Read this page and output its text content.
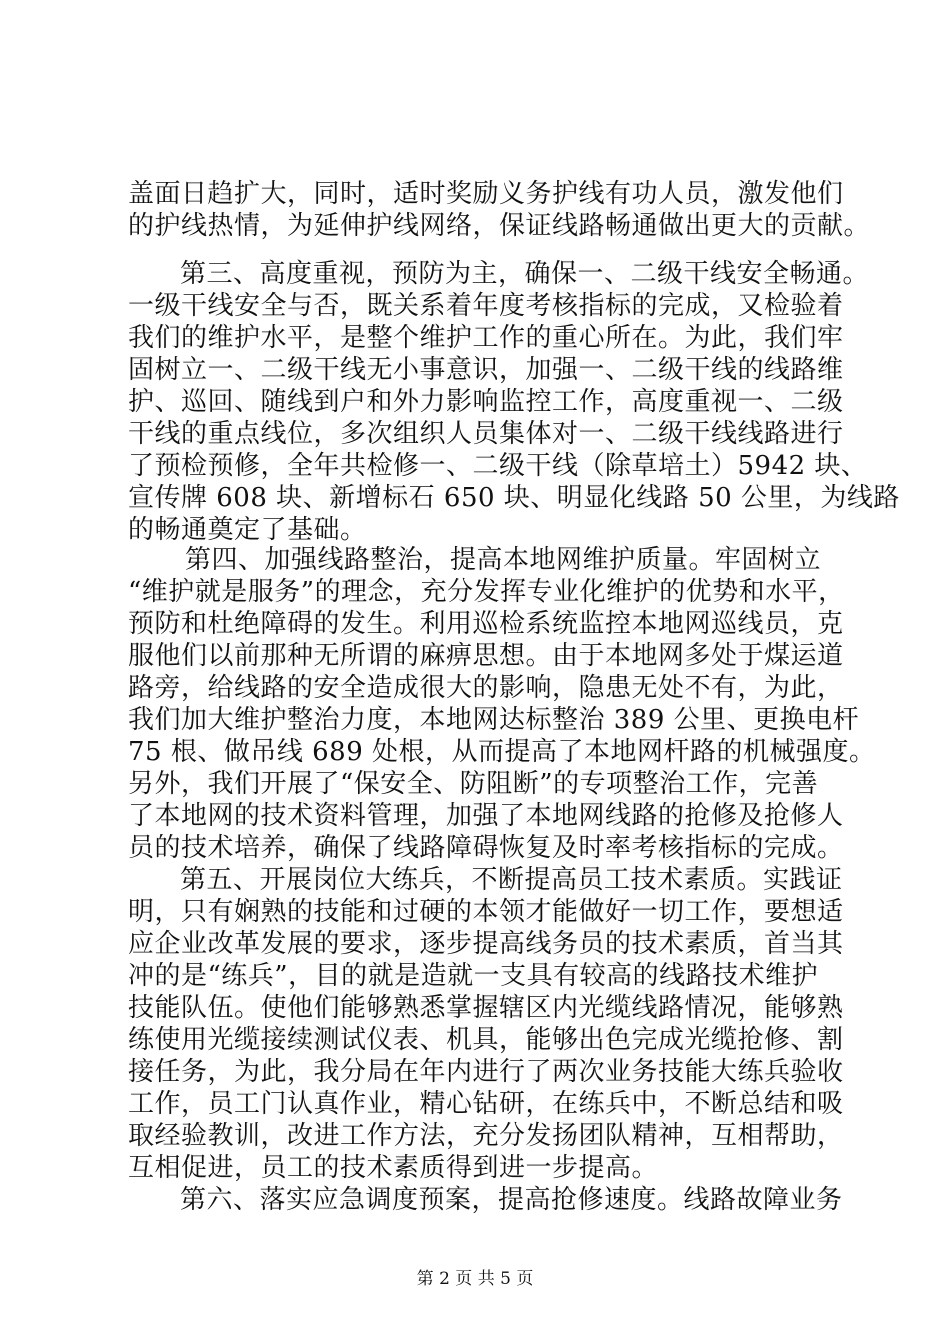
盖面日趋扩大，同时，适时奖励义务护线有功人员，激发他们
的护线热情，为延伸护线网络，保证线路畅通做出更大的贡献。
第三、高度重视，预防为主，确保一、二级干线安全畅通。
一级干线安全与否，既关系着年度考核指标的完成，又检验着
我们的维护水平，是整个维护工作的重心所在。为此，我们牢
固树立一、二级干线无小事意识，加强一、二级干线的线路维
护、巡回、随线到户和外力影响监控工作，高度重视一、二级
干线的重点线位，多次组织人员集体对一、二级干线线路进行
了预检预修，全年共检修一、二级干线（除草培土）5942 块、
宣传牌 608 块、新增标石 650 块、明显化线路 50 公里，为线路
的畅通奠定了基础。
第四、加强线路整治，提高本地网维护质量。牢固树立
“维护就是服务”的理念，充分发挥专业化维护的优势和水平，
预防和杜绝障碍的发生。利用巡检系统监控本地网巡线员，克
服他们以前那种无所谓的麻痹思想。由于本地网多处于煤运道
路旁，给线路的安全造成很大的影响，隐患无处不有，为此，
我们加大维护整治力度，本地网达标整治 389 公里、更换电杆
75 根、做吊线 689 处根，从而提高了本地网杆路的机械强度。
另外，我们开展了“保安全、防阻断”的专项整治工作，完善
了本地网的技术资料管理，加强了本地网线路的抢修及抢修人
员的技术培养，确保了线路障碍恢复及时率考核指标的完成。
第五、开展岗位大练兵，不断提高员工技术素质。实践证
明，只有娴熟的技能和过硬的本领才能做好一切工作，要想适
应企业改革发展的要求，逐步提高线务员的技术素质，首当其
冲的是“练兵”，目的就是造就一支具有较高的线路技术维护
技能队伍。使他们能够熟悉掌握辖区内光缆线路情况，能够熟
练使用光缆接续测试仪表、机具，能够出色完成光缆抢修、割
接任务，为此，我分局在年内进行了两次业务技能大练兵验收
工作，员工门认真作业，精心钻研，在练兵中，不断总结和吸
取经验教训，改进工作方法，充分发扬团队精神，互相帮助，
互相促进，员工的技术素质得到进一步提高。
第六、落实应急调度预案，提高抢修速度。线路故障业务
第 2 页 共 5 页
